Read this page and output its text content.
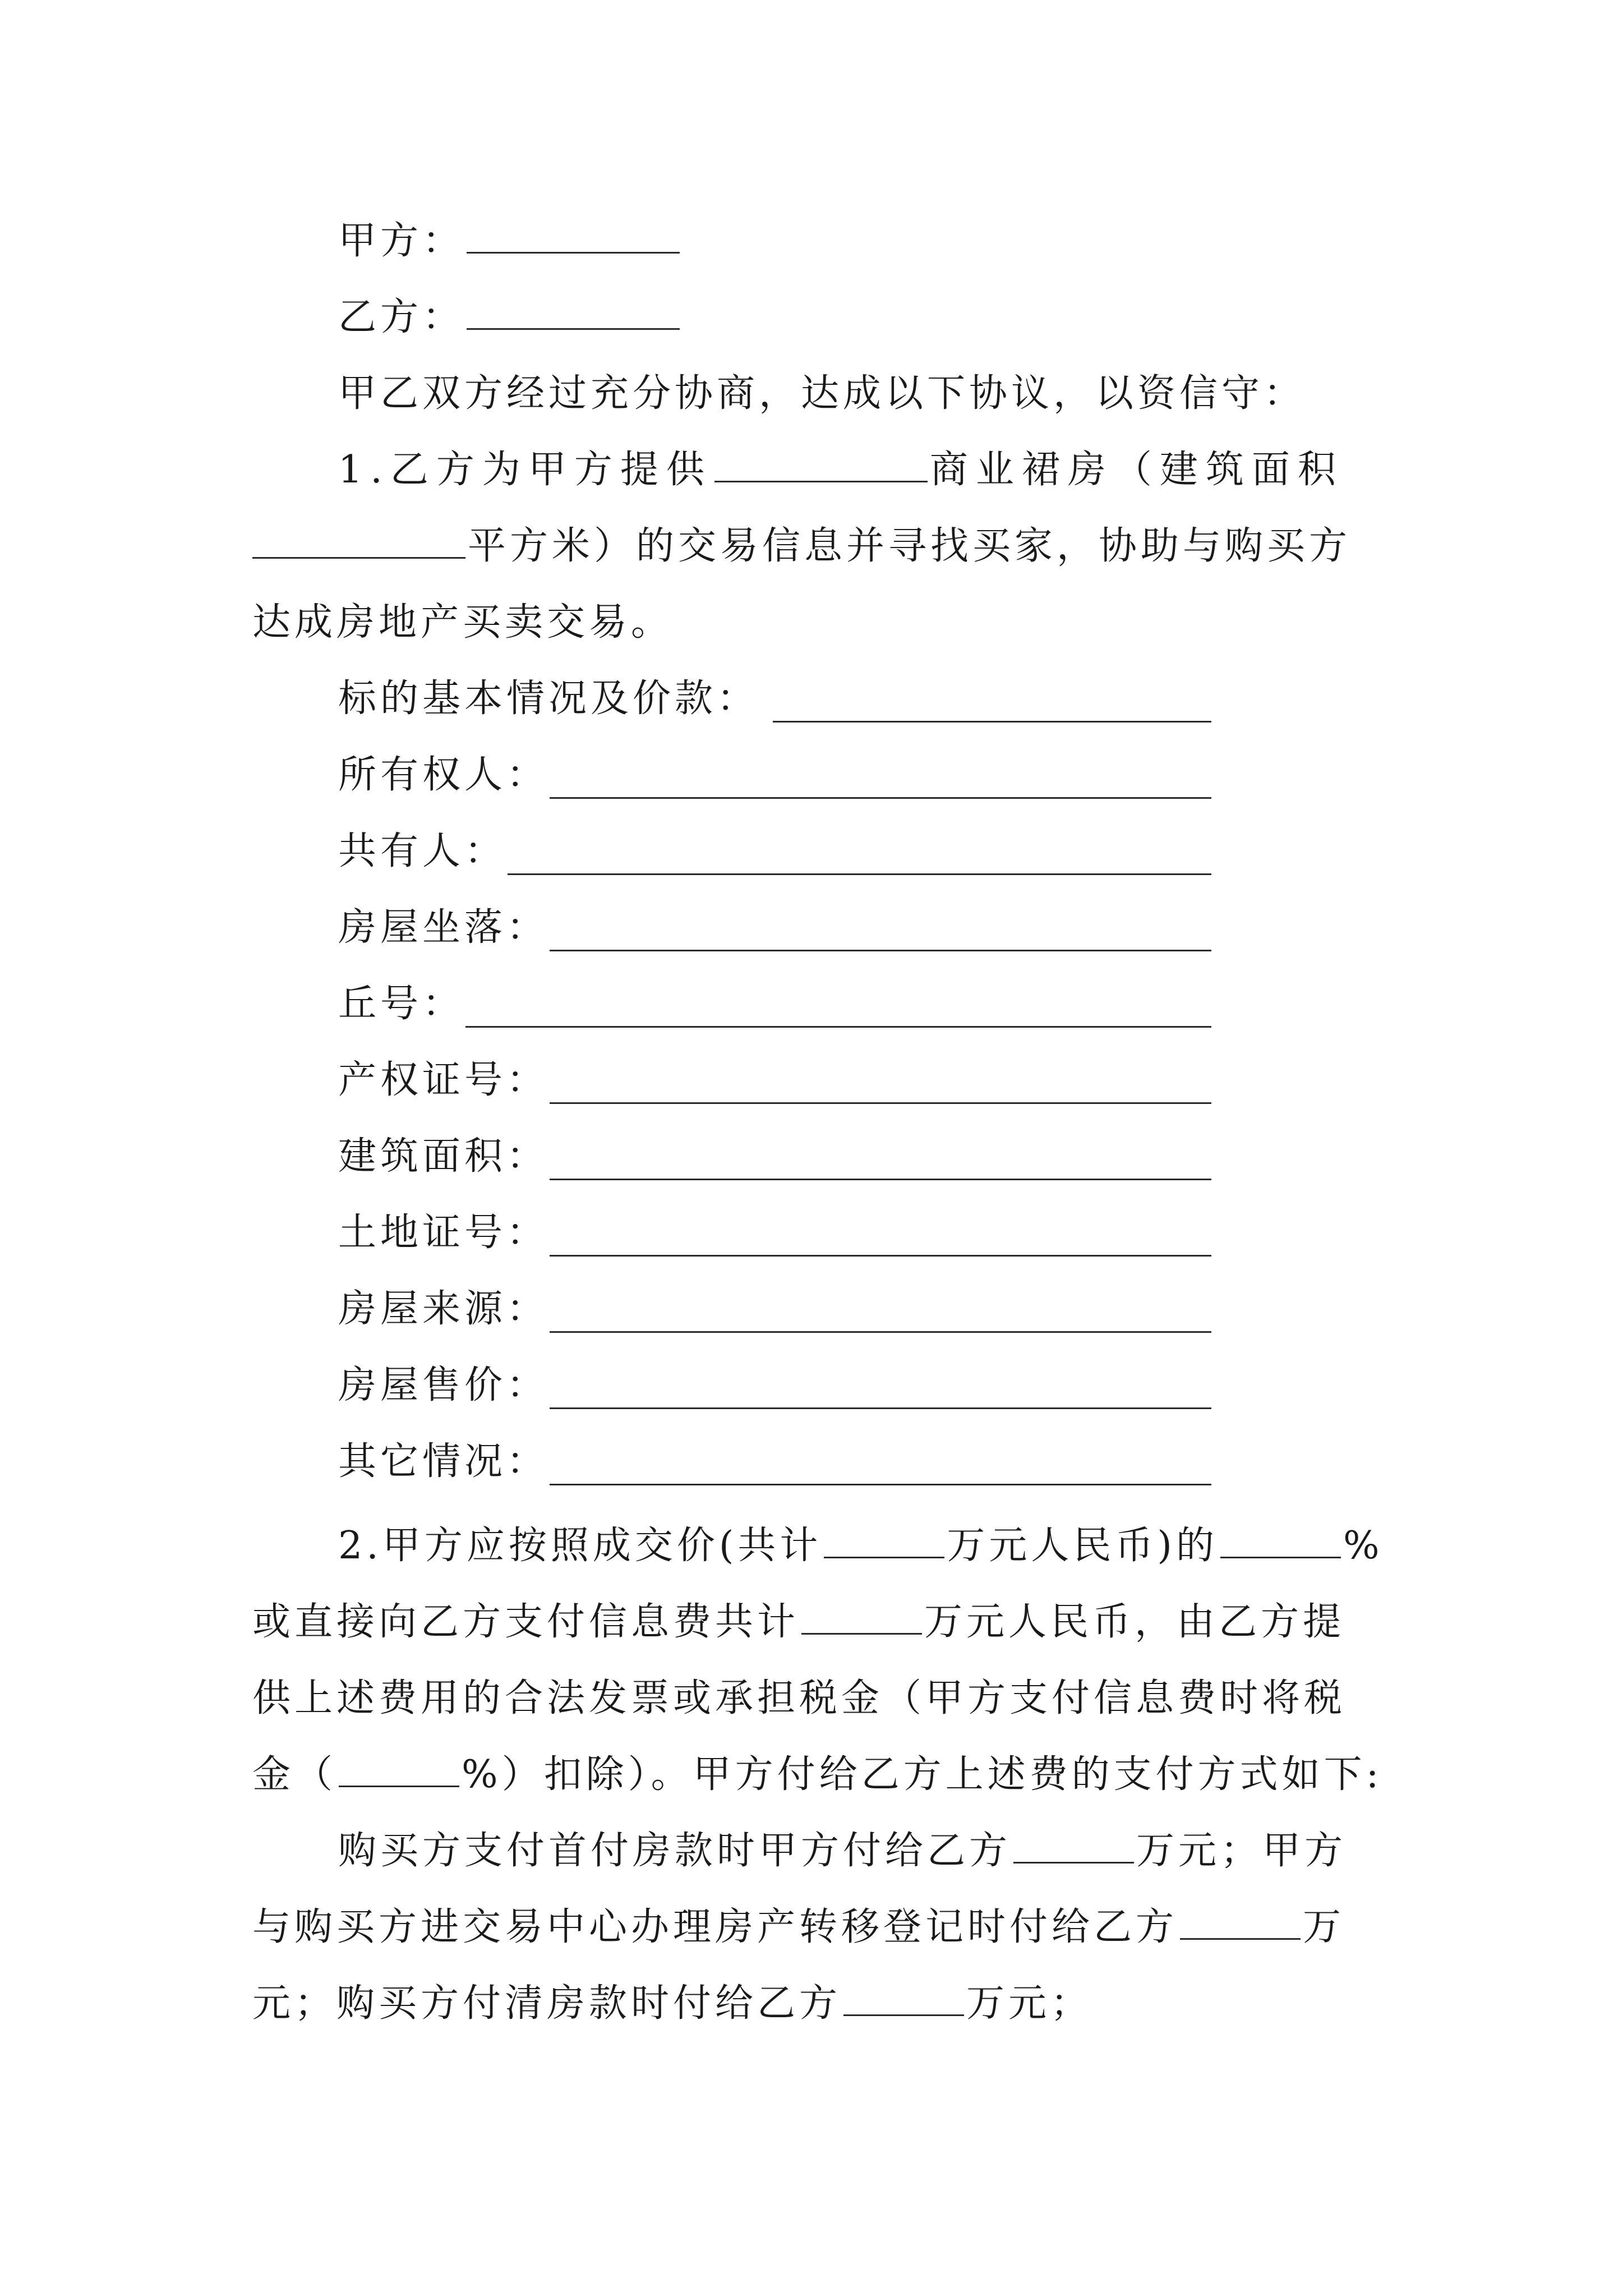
甲方：
乙方：
甲乙双方经过充分协商，达成以下协议，以资信守：
1.乙方为甲方提供	商业裙房（建筑面积
平方米）的交易信息并寻找买家，协助与购买方
达成房地产买卖交易。
标的基本情况及价款：
所有权人：
共有人：
房屋坐落：
丘号：
产权证号：
建筑面积：
土地证号：
房屋来源：
房屋售价：
其它情况：
2.甲方应按照成交价(共计	万元人民币)的	%
或直接向乙方支付信息费共计	万元人民币，由乙方提
供上述费用的合法发票或承担税金（甲方支付信息费时将税
金（	%）扣除）。甲方付给乙方上述费的支付方式如下:
购买方支付首付房款时甲方付给乙方	万元；甲方
与购买方进交易中心办理房产转移登记时付给乙方	万
元；购买方付清房款时付给乙方	万元；
